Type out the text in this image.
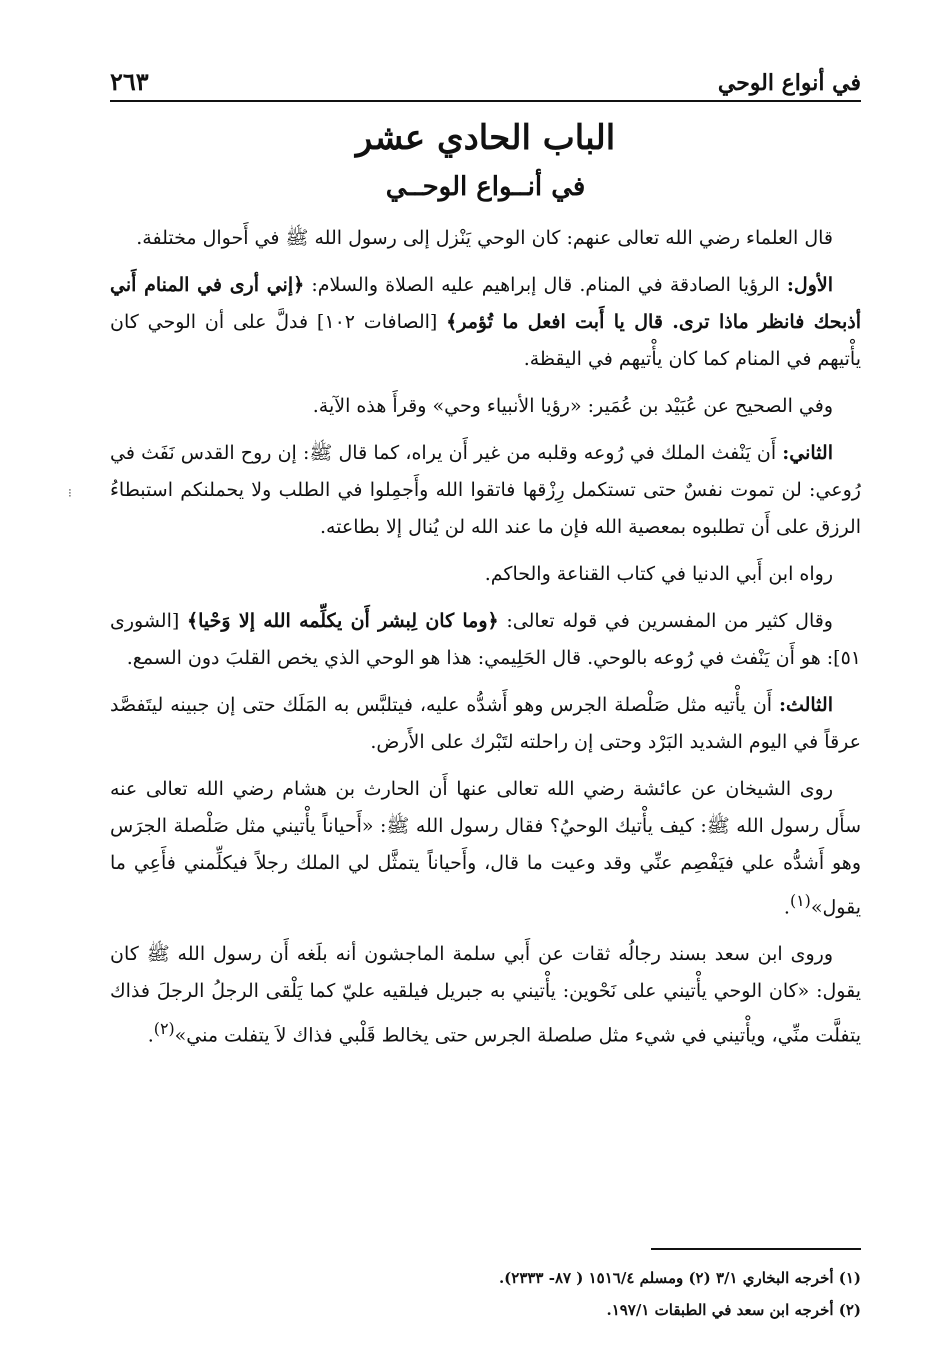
في أنواع الوحي
٢٦٣
الباب الحادي عشر
في أنــواع الوحــي
⁝

قال العلماء رضي الله تعالى عنهم: كان الوحي يَنْزل إلى رسول الله ﷺ في أَحوال مختلفة.

الأول: الرؤيا الصادقة في المنام. قال إبراهيم عليه الصلاة والسلام: ﴿إني أرى في المنام أَني أذبحك فانظر ماذا ترى. قال يا أَبت افعل ما تُؤمر﴾ [الصافات ١٠٢] فدلَّ على أن الوحي كان يأْتيهم في المنام كما كان يأْتيهم في اليقظة.

وفي الصحيح عن عُبَيْد بن عُمَير: «رؤيا الأنبياء وحي» وقرأَ هذه الآية.

الثاني: أَن يَنْفث الملك في رُوعه وقلبه من غير أَن يراه، كما قال ﷺ: إن روح القدس نَفَث في رُوعي: لن تموت نفسٌ حتى تستكمل رِزْقها فاتقوا الله وأَجمِلوا في الطلب ولا يحملنكم استبطاءُ الرزق على أَن تطلبوه بمعصية الله فإن ما عند الله لن يُنال إلا بطاعته.

رواه ابن أَبي الدنيا في كتاب القناعة والحاكم.

وقال كثير من المفسرين في قوله تعالى: ﴿وما كان لِبشر أَن يكلِّمه الله إلا وَحْيا﴾ [الشورى ٥١]: هو أَن يَنْفث في رُوعه بالوحي. قال الحَلِيمي: هذا هو الوحي الذي يخص القلبَ دون السمع.

الثالث: أَن يأْتيه مثل صَلْصلة الجرس وهو أَشدُّه عليه، فيتلبَّس به المَلَك حتى إن جبينه ليتَفصَّد عرقاً في اليوم الشديد البَرْد وحتى إن راحلته لتَبْرك على الأَرض.

روى الشيخان عن عائشة رضي الله تعالى عنها أَن الحارث بن هشام رضي الله تعالى عنه سأَل رسول الله ﷺ: كيف يأْتيك الوحيُ؟ فقال رسول الله ﷺ: «أَحياناً يأْتيني مثل صَلْصلة الجرَس وهو أَشدُّه علي فيَفْصِم عنِّي وقد وعيت ما قال، وأَحياناً يتمثَّل لي الملك رجلاً فيكلِّمني فأَعِي ما يقول»$^{(١)}$.

وروى ابن سعد بسند رجالُه ثقات عن أَبي سلمة الماجشون أنه بلَغه أَن رسول الله ﷺ كان يقول: «كان الوحي يأْتيني على نَحْوين: يأْتيني به جبريل فيلقيه عليّ كما يَلْقى الرجلُ الرجلَ فذاك يتفلَّت منِّي، ويأْتيني في شيء مثل صلصلة الجرس حتى يخالط قَلْبي فذاك لاَ يتفلت مني»$^{(٢)}$.

(١) أخرجه البخاري ٣/١ (٢) ومسلم ١٥١٦/٤ ( ٨٧- ٢٣٣٣).
(٢) أخرجه ابن سعد في الطبقات ١٩٧/١.
